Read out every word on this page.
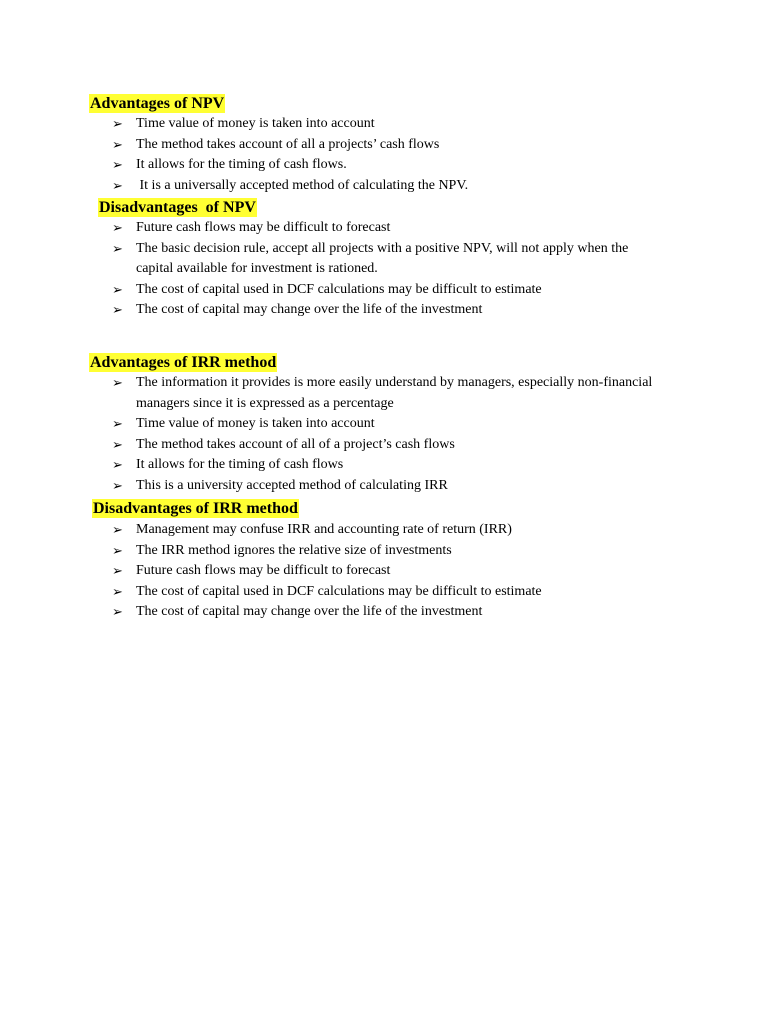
Advantages of NPV
➢ Time value of money is taken into account
➢ The method takes account of all a projects’ cash flows
➢ It allows for the timing of cash flows.
➢ It is a universally accepted method of calculating the NPV.
Disadvantages  of NPV
➢ Future cash flows may be difficult to forecast
➢ The basic decision rule, accept all projects with a positive NPV, will not apply when the capital available for investment is rationed.
➢ The cost of capital used in DCF calculations may be difficult to estimate
➢ The cost of capital may change over the life of the investment
Advantages of IRR method
➢ The information it provides is more easily understand by managers, especially non-financial managers since it is expressed as a percentage
➢ Time value of money is taken into account
➢ The method takes account of all of a project’s cash flows
➢ It allows for the timing of cash flows
➢ This is a university accepted method of calculating IRR
Disadvantages of IRR method
➢ Management may confuse IRR and accounting rate of return (IRR)
➢ The IRR method ignores the relative size of investments
➢ Future cash flows may be difficult to forecast
➢ The cost of capital used in DCF calculations may be difficult to estimate
➢ The cost of capital may change over the life of the investment
